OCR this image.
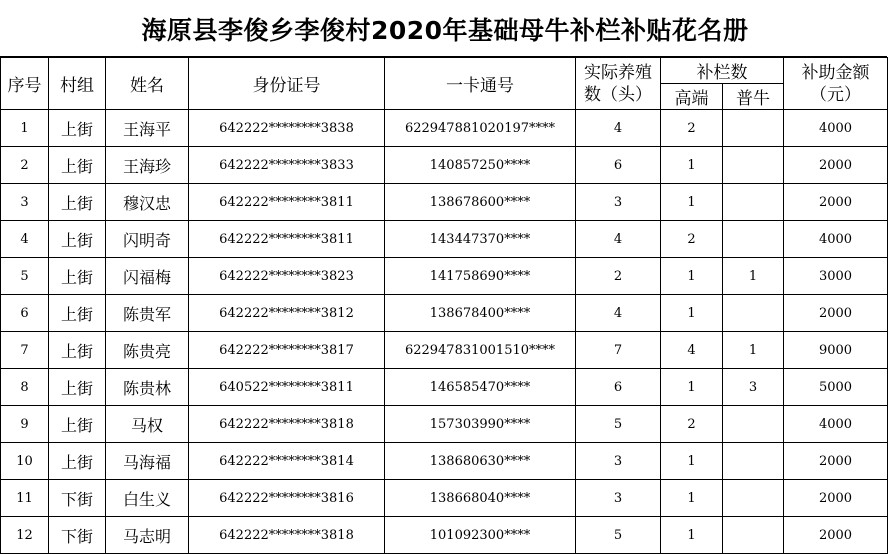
海原县李俊乡李俊村2020年基础母牛补栏补贴花名册
序号	村组	姓名	身份证号	一卡通号	实际养殖数（头）	补栏数		补助金额（元）
						高端	普牛	
1	上街	王海平	642222********3838	622947881020197****	4	2		4000
2	上街	王海珍	642222********3833	140857250****	6	1		2000
3	上街	穆汉忠	642222********3811	138678600****	3	1		2000
4	上街	闪明奇	642222********3811	143447370****	4	2		4000
5	上街	闪福梅	642222********3823	141758690****	2	1	1	3000
6	上街	陈贵军	642222********3812	138678400****	4	1		2000
7	上街	陈贵亮	642222********3817	622947831001510****	7	4	1	9000
8	上街	陈贵林	640522********3811	146585470****	6	1	3	5000
9	上街	马权	642222********3818	157303990****	5	2		4000
10	上街	马海福	642222********3814	138680630****	3	1		2000
11	下街	白生义	642222********3816	138668040****	3	1		2000
12	下街	马志明	642222********3818	101092300****	5	1		2000
